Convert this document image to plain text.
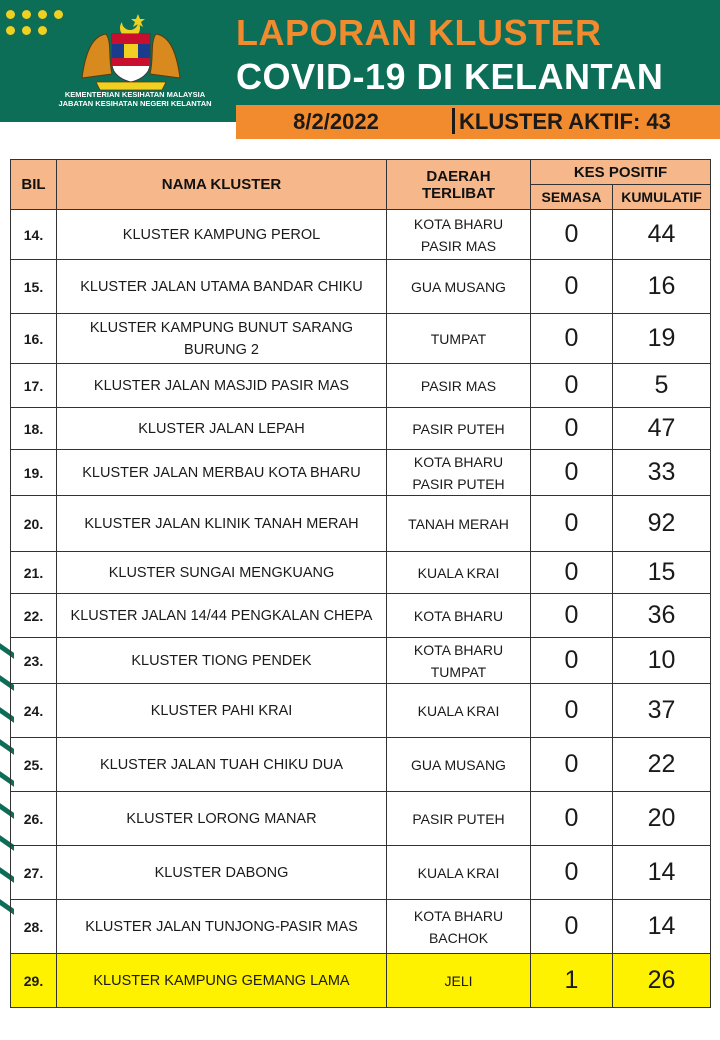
KEMENTERIAN KESIHATAN MALAYSIA
JABATAN KESIHATAN NEGERI KELANTAN
LAPORAN KLUSTER
COVID-19 DI KELANTAN
8/2/2022	KLUSTER AKTIF: 43
BIL	NAMA KLUSTER	DAERAH
TERLIBAT	KES POSITIF	
			SEMASA	KUMULATIF
14.	KLUSTER KAMPUNG PEROL	KOTA BHARU
PASIR MAS	0	44
15.	KLUSTER JALAN UTAMA BANDAR CHIKU	GUA MUSANG	0	16
16.	KLUSTER KAMPUNG BUNUT SARANG
BURUNG 2	TUMPAT	0	19
17.	KLUSTER JALAN MASJID PASIR MAS	PASIR MAS	0	5
18.	KLUSTER JALAN LEPAH	PASIR PUTEH	0	47
19.	KLUSTER JALAN MERBAU KOTA BHARU	KOTA BHARU
PASIR PUTEH	0	33
20.	KLUSTER JALAN KLINIK TANAH MERAH	TANAH MERAH	0	92
21.	KLUSTER SUNGAI MENGKUANG	KUALA KRAI	0	15
22.	KLUSTER JALAN 14/44 PENGKALAN CHEPA	KOTA BHARU	0	36
23.	KLUSTER TIONG PENDEK	KOTA BHARU
TUMPAT	0	10
24.	KLUSTER PAHI KRAI	KUALA KRAI	0	37
25.	KLUSTER JALAN TUAH CHIKU DUA	GUA MUSANG	0	22
26.	KLUSTER LORONG MANAR	PASIR PUTEH	0	20
27.	KLUSTER DABONG	KUALA KRAI	0	14
28.	KLUSTER JALAN TUNJONG-PASIR MAS	KOTA BHARU
BACHOK	0	14
29.	KLUSTER KAMPUNG GEMANG LAMA	JELI	1	26
